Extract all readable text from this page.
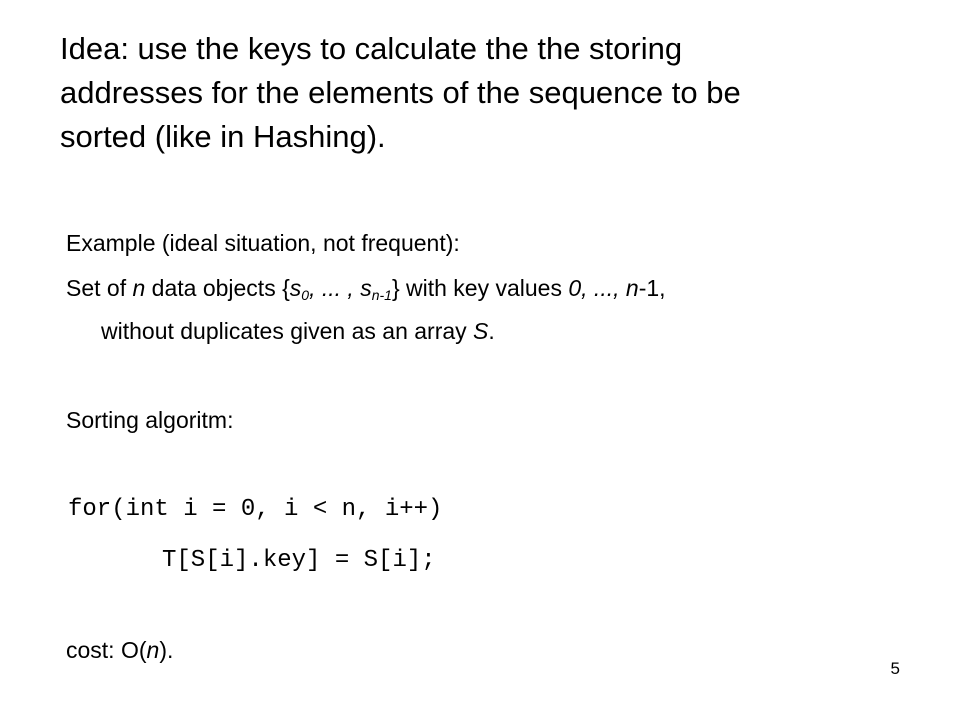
Idea: use the keys to calculate the the storing
addresses for the elements of the sequence to be
sorted (like in Hashing).
Example (ideal situation, not frequent):
Set of n data objects {$s_0$, ... , $s_{n-1}$} with key values 0, ..., n-1,
without duplicates given as an array S.
Sorting algoritm:
for(int i = 0, i < n, i++)
T[S[i].key] = S[i];
cost: O(n).
5
